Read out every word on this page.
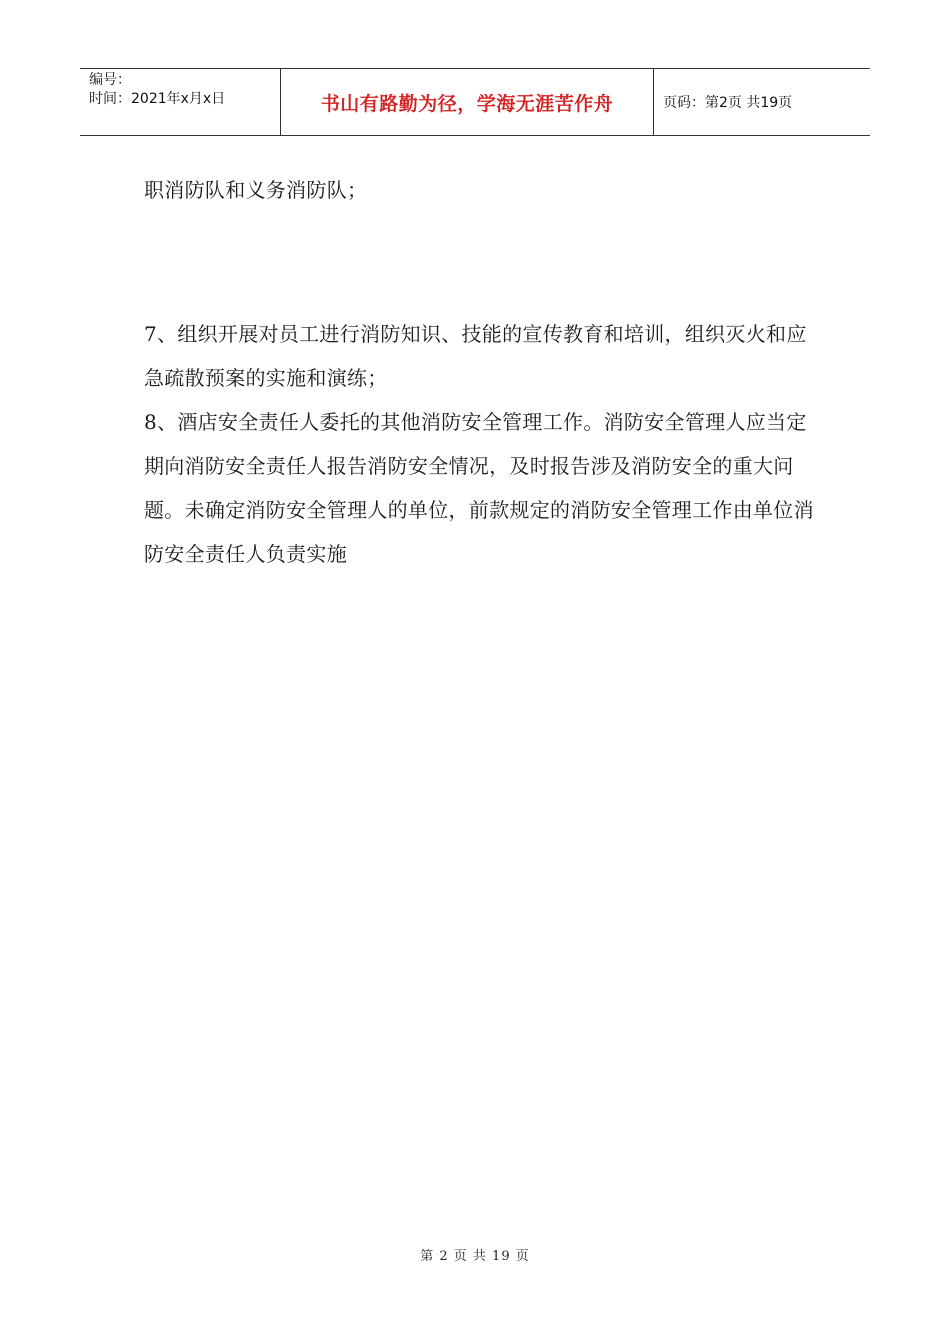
编号：
时间：2021年x月x日	书山有路勤为径，学海无涯苦作舟	页码：第2页 共19页
职消防队和义务消防队；
7、组织开展对员工进行消防知识、技能的宣传教育和培训，组织灭火和应急疏散预案的实施和演练；
8、酒店安全责任人委托的其他消防安全管理工作。消防安全管理人应当定期向消防安全责任人报告消防安全情况，及时报告涉及消防安全的重大问题。未确定消防安全管理人的单位，前款规定的消防安全管理工作由单位消防安全责任人负责实施
第 2 页 共 19 页
